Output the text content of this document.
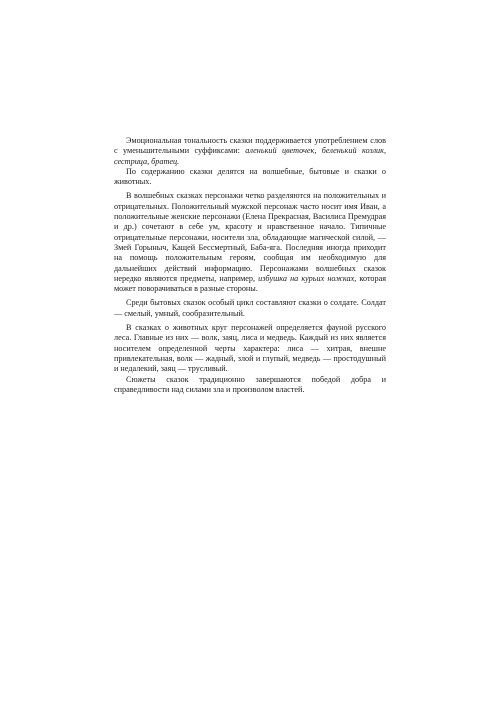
Эмоциональная тональность сказки поддерживается употреблением слов с уменьшительными суффиксами: аленький цветочек, беленький козлик, сестрица, братец.

По содержанию сказки делятся на волшебные, бытовые и сказки о животных.

В волшебных сказках персонажи четко разделяются на положительных и отрицательных. Положительный мужской персонаж часто носит имя Иван, а положительные женские персонажи (Елена Прекрасная, Василиса Премудрая и др.) сочетают в себе ум, красоту и нравственное начало. Типичные отрицательные персонажи, носители зла, обладающие магической силой, — Змей Горыныч, Кащей Бессмертный, Баба-яга. Последняя иногда приходит на помощь положительным героям, сообщая им необходимую для дальнейших действий информацию. Персонажами волшебных сказок нередко являются предметы, например, избушка на курьих ножках, которая может поворачиваться в разные стороны.

Среди бытовых сказок особый цикл составляют сказки о солдате. Солдат — смелый, умный, сообразительный.

В сказках о животных круг персонажей определяется фауной русского леса. Главные из них — волк, заяц, лиса и медведь. Каждый из них является носителем определенной черты характера: лиса — хитрая, внешне привлекательная, волк — жадный, злой и глупый, медведь — простодушный и недалекий, заяц — трусливый.

Сюжеты сказок традиционно завершаются победой добра и справедливости над силами зла и произволом властей.
